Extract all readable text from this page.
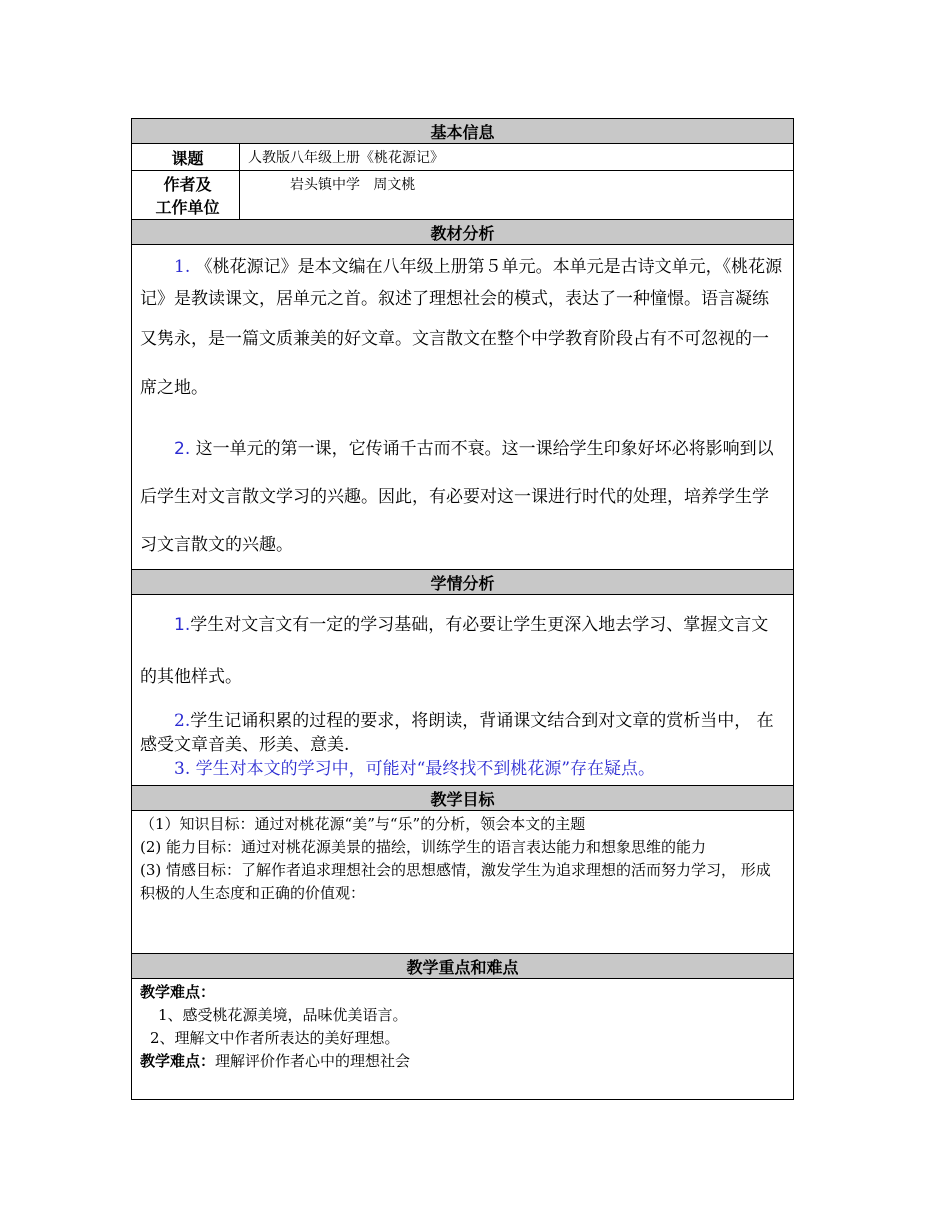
基本信息	
课题	人教版八年级上册《桃花源记》

作者及
工作单位	岩头镇中学   周文桃
教材分析	

1. 《桃花源记》是本文编在八年级上册第５单元。本单元是古诗文单元，《桃花源记》是教读课文，居单元之首。叙述了理想社会的模式，表达了一种憧憬。语言凝练又隽永，是一篇文质兼美的好文章。文言散文在整个中学教育阶段占有不可忽视的一席之地。

2. 这一单元的第一课，它传诵千古而不衰。这一课给学生印象好坏必将影响到以后学生对文言散文学习的兴趣。因此，有必要对这一课进行时代的处理，培养学生学习文言散文的兴趣。	

学情分析	

1.学生对文言文有一定的学习基础，有必要让学生更深入地去学习、掌握文言文的其他样式。

2.学生记诵积累的过程的要求，将朗读，背诵课文结合到对文章的赏析当中， 在感受文章音美、形美、意美.

3. 学生对本文的学习中，可能对“最终找不到桃花源”存在疑点。	

教学目标	

（1）知识目标：通过对桃花源“美”与“乐”的分析，领会本文的主题

(2) 能力目标：通过对桃花源美景的描绘，训练学生的语言表达能力和想象思维的能力

(3) 情感目标：了解作者追求理想社会的思想感情，激发学生为追求理想的活而努力学习， 形成积极的人生态度和正确的价值观：	

教学重点和难点	

教学难点：

1、感受桃花源美境，品味优美语言。

2、理解文中作者所表达的美好理想。

教学难点：理解评价作者心中的理想社会	
